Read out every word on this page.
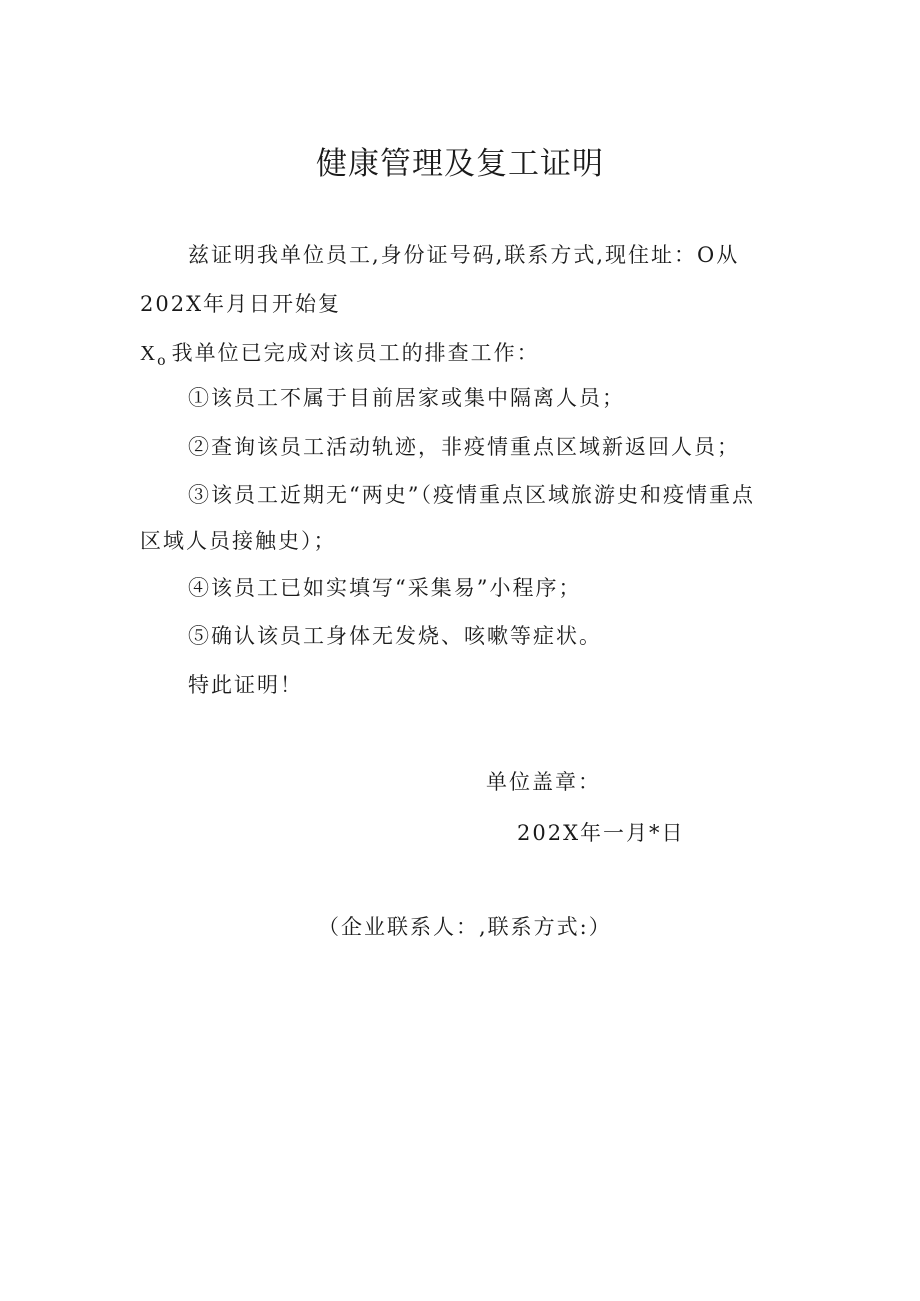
健康管理及复工证明
兹证明我单位员工,身份证号码,联系方式,现住址：O从
202X年月日开始复
$X_o$ 我单位已完成对该员工的排查工作：
①该员工不属于目前居家或集中隔离人员；
②查询该员工活动轨迹，非疫情重点区域新返回人员；
③该员工近期无“两史”（疫情重点区域旅游史和疫情重点
区域人员接触史）；
④该员工已如实填写“采集易”小程序；
⑤确认该员工身体无发烧、咳嗽等症状。
特此证明！
单位盖章：
202X年一月*日
（企业联系人：,联系方式:）
